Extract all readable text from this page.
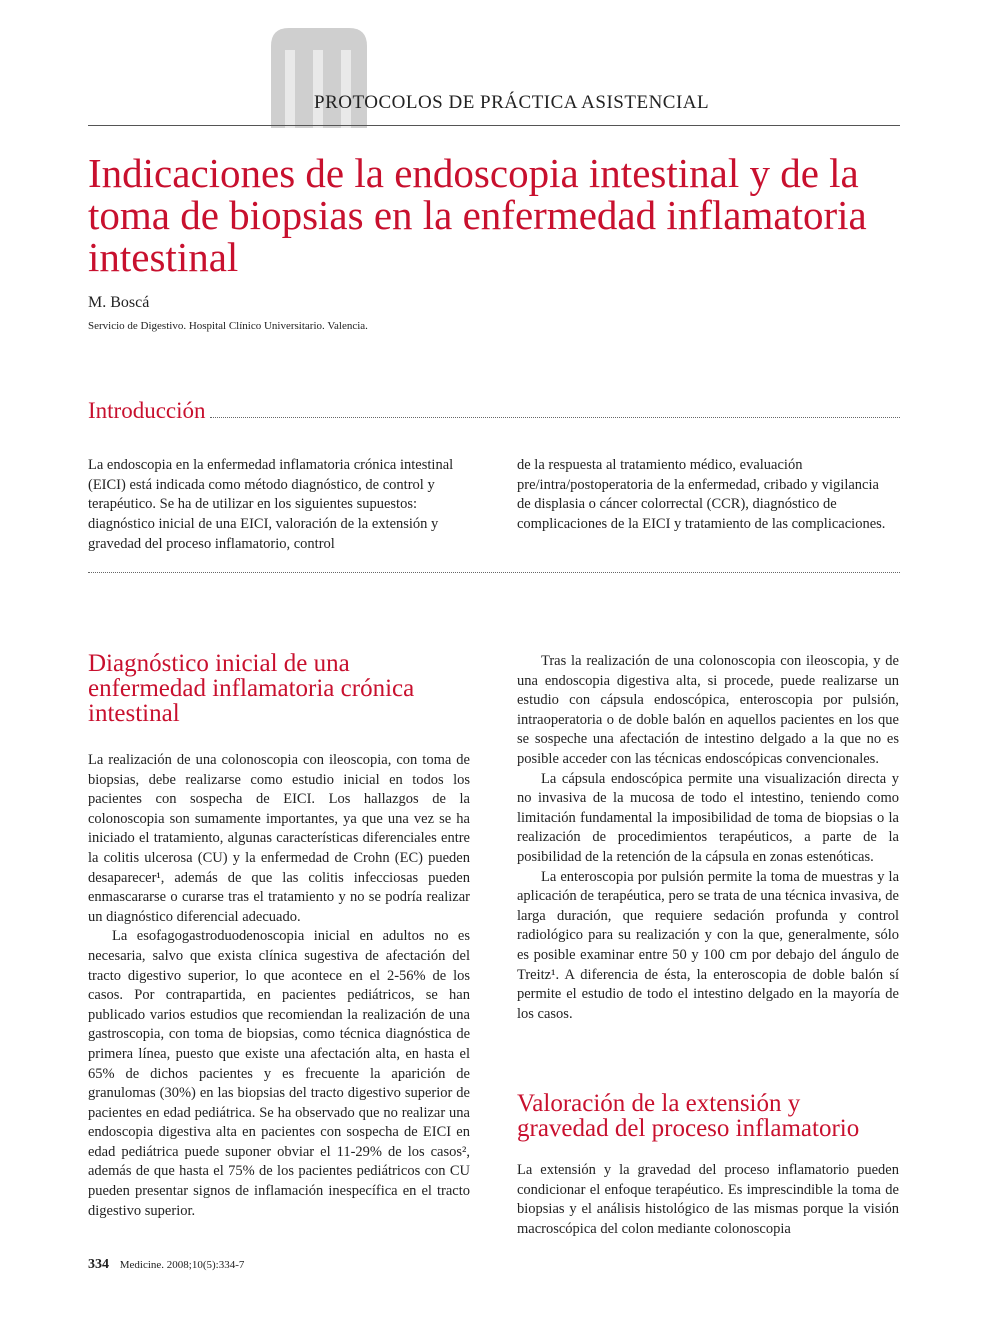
PROTOCOLOS DE PRÁCTICA ASISTENCIAL
Indicaciones de la endoscopia intestinal y de la toma de biopsias en la enfermedad inflamatoria intestinal
M. Boscá
Servicio de Digestivo. Hospital Clínico Universitario. Valencia.
Introducción

La endoscopia en la enfermedad inflamatoria crónica intestinal (EICI) está indicada como método diagnóstico, de control y terapéutico. Se ha de utilizar en los siguientes supuestos: diagnóstico inicial de una EICI, valoración de la extensión y gravedad del proceso inflamatorio, control

de la respuesta al tratamiento médico, evaluación pre/intra/postoperatoria de la enfermedad, cribado y vigilancia de displasia o cáncer colorrectal (CCR), diagnóstico de complicaciones de la EICI y tratamiento de las complicaciones.

Diagnóstico inicial de una enfermedad inflamatoria crónica intestinal

La realización de una colonoscopia con ileoscopia, con toma de biopsias, debe realizarse como estudio inicial en todos los pacientes con sospecha de EICI. Los hallazgos de la colonoscopia son sumamente importantes, ya que una vez se ha iniciado el tratamiento, algunas características diferenciales entre la colitis ulcerosa (CU) y la enfermedad de Crohn (EC) pueden desaparecer¹, además de que las colitis infecciosas pueden enmascararse o curarse tras el tratamiento y no se podría realizar un diagnóstico diferencial adecuado.

La esofagogastroduodenoscopia inicial en adultos no es necesaria, salvo que exista clínica sugestiva de afectación del tracto digestivo superior, lo que acontece en el 2-56% de los casos. Por contrapartida, en pacientes pediátricos, se han publicado varios estudios que recomiendan la realización de una gastroscopia, con toma de biopsias, como técnica diagnóstica de primera línea, puesto que existe una afectación alta, en hasta el 65% de dichos pacientes y es frecuente la aparición de granulomas (30%) en las biopsias del tracto digestivo superior de pacientes en edad pediátrica. Se ha observado que no realizar una endoscopia digestiva alta en pacientes con sospecha de EICI en edad pediátrica puede suponer obviar el 11-29% de los casos², además de que hasta el 75% de los pacientes pediátricos con CU pueden presentar signos de inflamación inespecífica en el tracto digestivo superior.

Tras la realización de una colonoscopia con ileoscopia, y de una endoscopia digestiva alta, si procede, puede realizarse un estudio con cápsula endoscópica, enteroscopia por pulsión, intraoperatoria o de doble balón en aquellos pacientes en los que se sospeche una afectación de intestino delgado a la que no es posible acceder con las técnicas endoscópicas convencionales.

La cápsula endoscópica permite una visualización directa y no invasiva de la mucosa de todo el intestino, teniendo como limitación fundamental la imposibilidad de toma de biopsias o la realización de procedimientos terapéuticos, a parte de la posibilidad de la retención de la cápsula en zonas estenóticas.

La enteroscopia por pulsión permite la toma de muestras y la aplicación de terapéutica, pero se trata de una técnica invasiva, de larga duración, que requiere sedación profunda y control radiológico para su realización y con la que, generalmente, sólo es posible examinar entre 50 y 100 cm por debajo del ángulo de Treitz¹. A diferencia de ésta, la enteroscopia de doble balón sí permite el estudio de todo el intestino delgado en la mayoría de los casos.

Valoración de la extensión y gravedad del proceso inflamatorio

La extensión y la gravedad del proceso inflamatorio pueden condicionar el enfoque terapéutico. Es imprescindible la toma de biopsias y el análisis histológico de las mismas porque la visión macroscópica del colon mediante colonoscopia

334 Medicine. 2008;10(5):334-7
